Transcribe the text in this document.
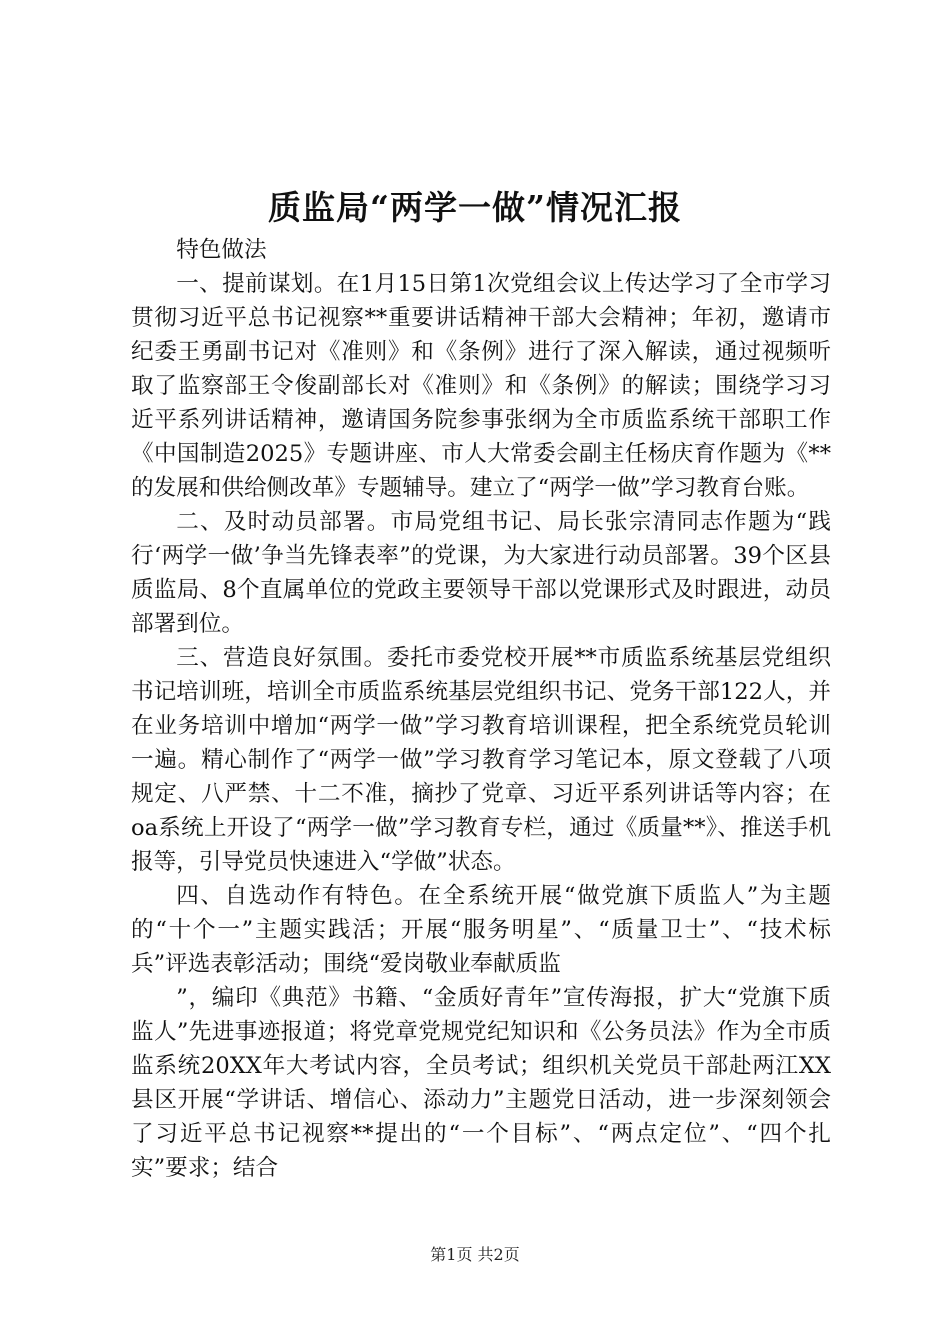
质监局“两学一做”情况汇报

特色做法

一、提前谋划。在1月15日第1次党组会议上传达学习了全市学习贯彻习近平总书记视察**重要讲话精神干部大会精神；年初，邀请市纪委王勇副书记对《准则》和《条例》进行了深入解读，通过视频听取了监察部王令俊副部长对《准则》和《条例》的解读；围绕学习习近平系列讲话精神，邀请国务院参事张纲为全市质监系统干部职工作《中国制造2025》专题讲座、市人大常委会副主任杨庆育作题为《**的发展和供给侧改革》专题辅导。建立了“两学一做”学习教育台账。

二、及时动员部署。市局党组书记、局长张宗清同志作题为“践行‘两学一做’争当先锋表率”的党课，为大家进行动员部署。39个区县质监局、8个直属单位的党政主要领导干部以党课形式及时跟进，动员部署到位。

三、营造良好氛围。委托市委党校开展**市质监系统基层党组织书记培训班，培训全市质监系统基层党组织书记、党务干部122人，并在业务培训中增加“两学一做”学习教育培训课程，把全系统党员轮训一遍。精心制作了“两学一做”学习教育学习笔记本，原文登载了八项规定、八严禁、十二不准，摘抄了党章、习近平系列讲话等内容；在oa系统上开设了“两学一做”学习教育专栏，通过《质量**》、推送手机报等，引导党员快速进入“学做”状态。

四、自选动作有特色。在全系统开展“做党旗下质监人”为主题的“十个一”主题实践活；开展“服务明星”、“质量卫士”、“技术标兵”评选表彰活动；围绕“爱岗敬业奉献质监

”，编印《典范》书籍、“金质好青年”宣传海报，扩大“党旗下质监人”先进事迹报道；将党章党规党纪知识和《公务员法》作为全市质监系统20XX年大考试内容，全员考试；组织机关党员干部赴两江XX县区开展“学讲话、增信心、添动力”主题党日活动，进一步深刻领会了习近平总书记视察**提出的“一个目标”、“两点定位”、“四个扎实”要求；结合

第1页 共2页
